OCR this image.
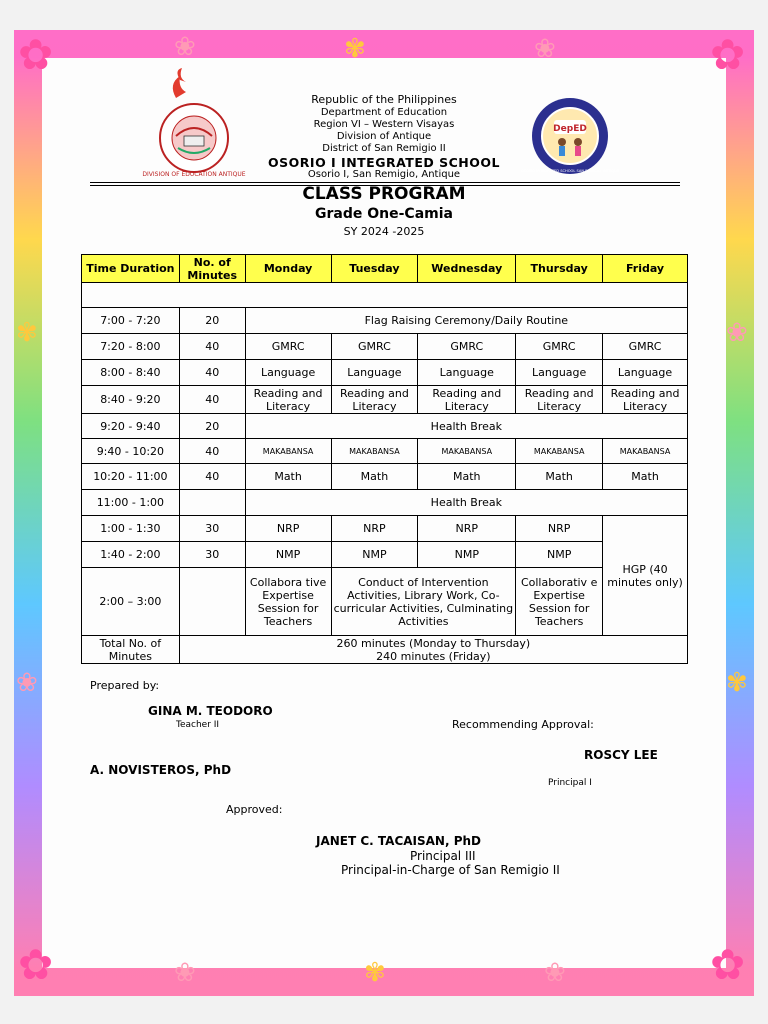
✿	✿
✿	✿
❀	✾	❀
❀	✾	❀
✾
❀
❀
✾
DIVISION OF EDUCATION ANTIQUE
DepED
OSORIO INTEGRATED SCHOOL SAN REMIGIO, ANTIQUE
Republic of the Philippines
Department of Education
Region VI – Western Visayas
Division of Antique
District of San Remigio II
OSORIO I INTEGRATED SCHOOL
Osorio I, San Remigio, Antique
CLASS PROGRAM
Grade One-Camia
SY 2024 -2025
Time Duration	No. of Minutes	Monday	Tuesday	Wednesday	Thursday	Friday

7:00 - 7:20	20	Flag Raising Ceremony/Daily Routine				
7:20 - 8:00	40	GMRC	GMRC	GMRC	GMRC	GMRC
8:00 - 8:40	40	Language	Language	Language	Language	Language
8:40 - 9:20	40	Reading and Literacy	Reading and Literacy	Reading and Literacy	Reading and Literacy	Reading and Literacy
9:20 - 9:40	20	Health Break				
9:40 - 10:20	40	MAKABANSA	MAKABANSA	MAKABANSA	MAKABANSA	MAKABANSA
10:20 - 11:00	40	Math	Math	Math	Math	Math
11:00 - 1:00		Health Break				
1:00 - 1:30	30	NRP	NRP	NRP	NRP	HGP (40 minutes only)
1:40 - 2:00	30	NMP	NMP	NMP	NMP	
2:00 – 3:00		Collabora tive Expertise Session for Teachers	Conduct of Intervention Activities, Library Work, Co-curricular Activities, Culminating Activities		Collaborativ e Expertise Session for Teachers	
Total No. of Minutes	260 minutes (Monday to Thursday)
240 minutes (Friday)					
Prepared by:
GINA M. TEODORO
Teacher II	Recommending Approval:
ROSCY LEE
A. NOVISTEROS, PhD
Principal I
Approved:
JANET C. TACAISAN, PhD
Principal III
Principal-in-Charge of San Remigio II
